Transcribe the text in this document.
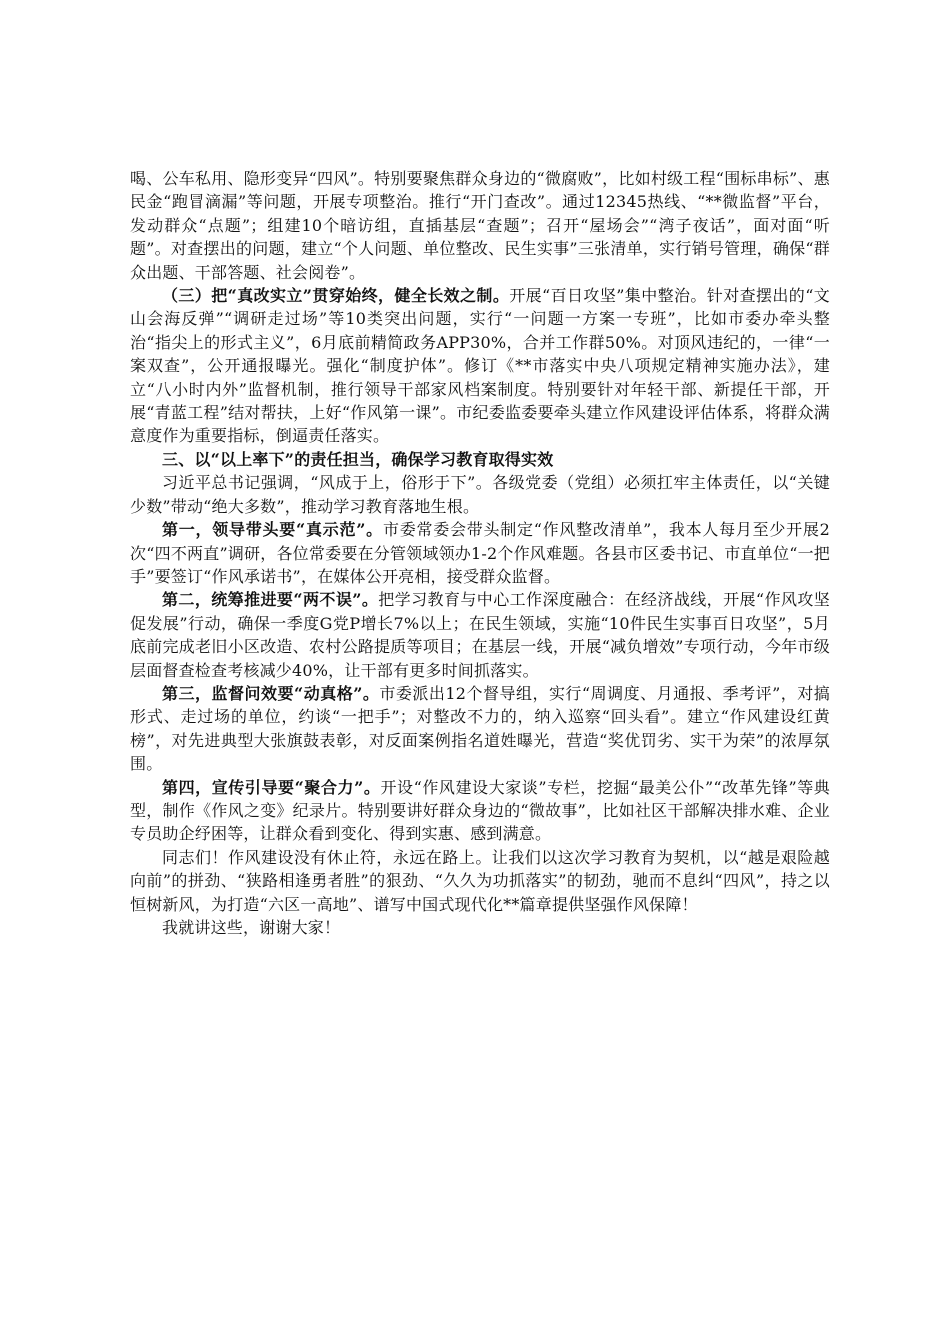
喝、公车私用、隐形变异“四风”。特别要聚焦群众身边的“微腐败”，比如村级工程“围标串标”、惠民金“跑冒滴漏”等问题，开展专项整治。推行“开门查改”。通过12345热线、“**微监督”平台，发动群众“点题”；组建10个暗访组，直插基层“查题”；召开“屋场会”“湾子夜话”，面对面“听题”。对查摆出的问题，建立“个人问题、单位整改、民生实事”三张清单，实行销号管理，确保“群众出题、干部答题、社会阅卷”。

（三）把“真改实立”贯穿始终，健全长效之制。开展“百日攻坚”集中整治。针对查摆出的“文山会海反弹”“调研走过场”等10类突出问题，实行“一问题一方案一专班”，比如市委办牵头整治“指尖上的形式主义”，6月底前精简政务APP30%，合并工作群50%。对顶风违纪的，一律“一案双查”，公开通报曝光。强化“制度护体”。修订《**市落实中央八项规定精神实施办法》，建立“八小时内外”监督机制，推行领导干部家风档案制度。特别要针对年轻干部、新提任干部，开展“青蓝工程”结对帮扶，上好“作风第一课”。市纪委监委要牵头建立作风建设评估体系，将群众满意度作为重要指标，倒逼责任落实。

三、以“以上率下”的责任担当，确保学习教育取得实效

习近平总书记强调，“风成于上，俗形于下”。各级党委（党组）必须扛牢主体责任，以“关键少数”带动“绝大多数”，推动学习教育落地生根。

第一，领导带头要“真示范”。市委常委会带头制定“作风整改清单”，我本人每月至少开展2次“四不两直”调研，各位常委要在分管领域领办1-2个作风难题。各县市区委书记、市直单位“一把手”要签订“作风承诺书”，在媒体公开亮相，接受群众监督。

第二，统筹推进要“两不误”。把学习教育与中心工作深度融合：在经济战线，开展“作风攻坚促发展”行动，确保一季度G党P增长7%以上；在民生领域，实施“10件民生实事百日攻坚”，5月底前完成老旧小区改造、农村公路提质等项目；在基层一线，开展“减负增效”专项行动，今年市级层面督查检查考核减少40%，让干部有更多时间抓落实。

第三，监督问效要“动真格”。市委派出12个督导组，实行“周调度、月通报、季考评”，对搞形式、走过场的单位，约谈“一把手”；对整改不力的，纳入巡察“回头看”。建立“作风建设红黄榜”，对先进典型大张旗鼓表彰，对反面案例指名道姓曝光，营造“奖优罚劣、实干为荣”的浓厚氛围。

第四，宣传引导要“聚合力”。开设“作风建设大家谈”专栏，挖掘“最美公仆”“改革先锋”等典型，制作《作风之变》纪录片。特别要讲好群众身边的“微故事”，比如社区干部解决排水难、企业专员助企纾困等，让群众看到变化、得到实惠、感到满意。

同志们！作风建设没有休止符，永远在路上。让我们以这次学习教育为契机，以“越是艰险越向前”的拼劲、“狭路相逢勇者胜”的狠劲、“久久为功抓落实”的韧劲，驰而不息纠“四风”，持之以恒树新风，为打造“六区一高地”、谱写中国式现代化**篇章提供坚强作风保障！

我就讲这些，谢谢大家！
